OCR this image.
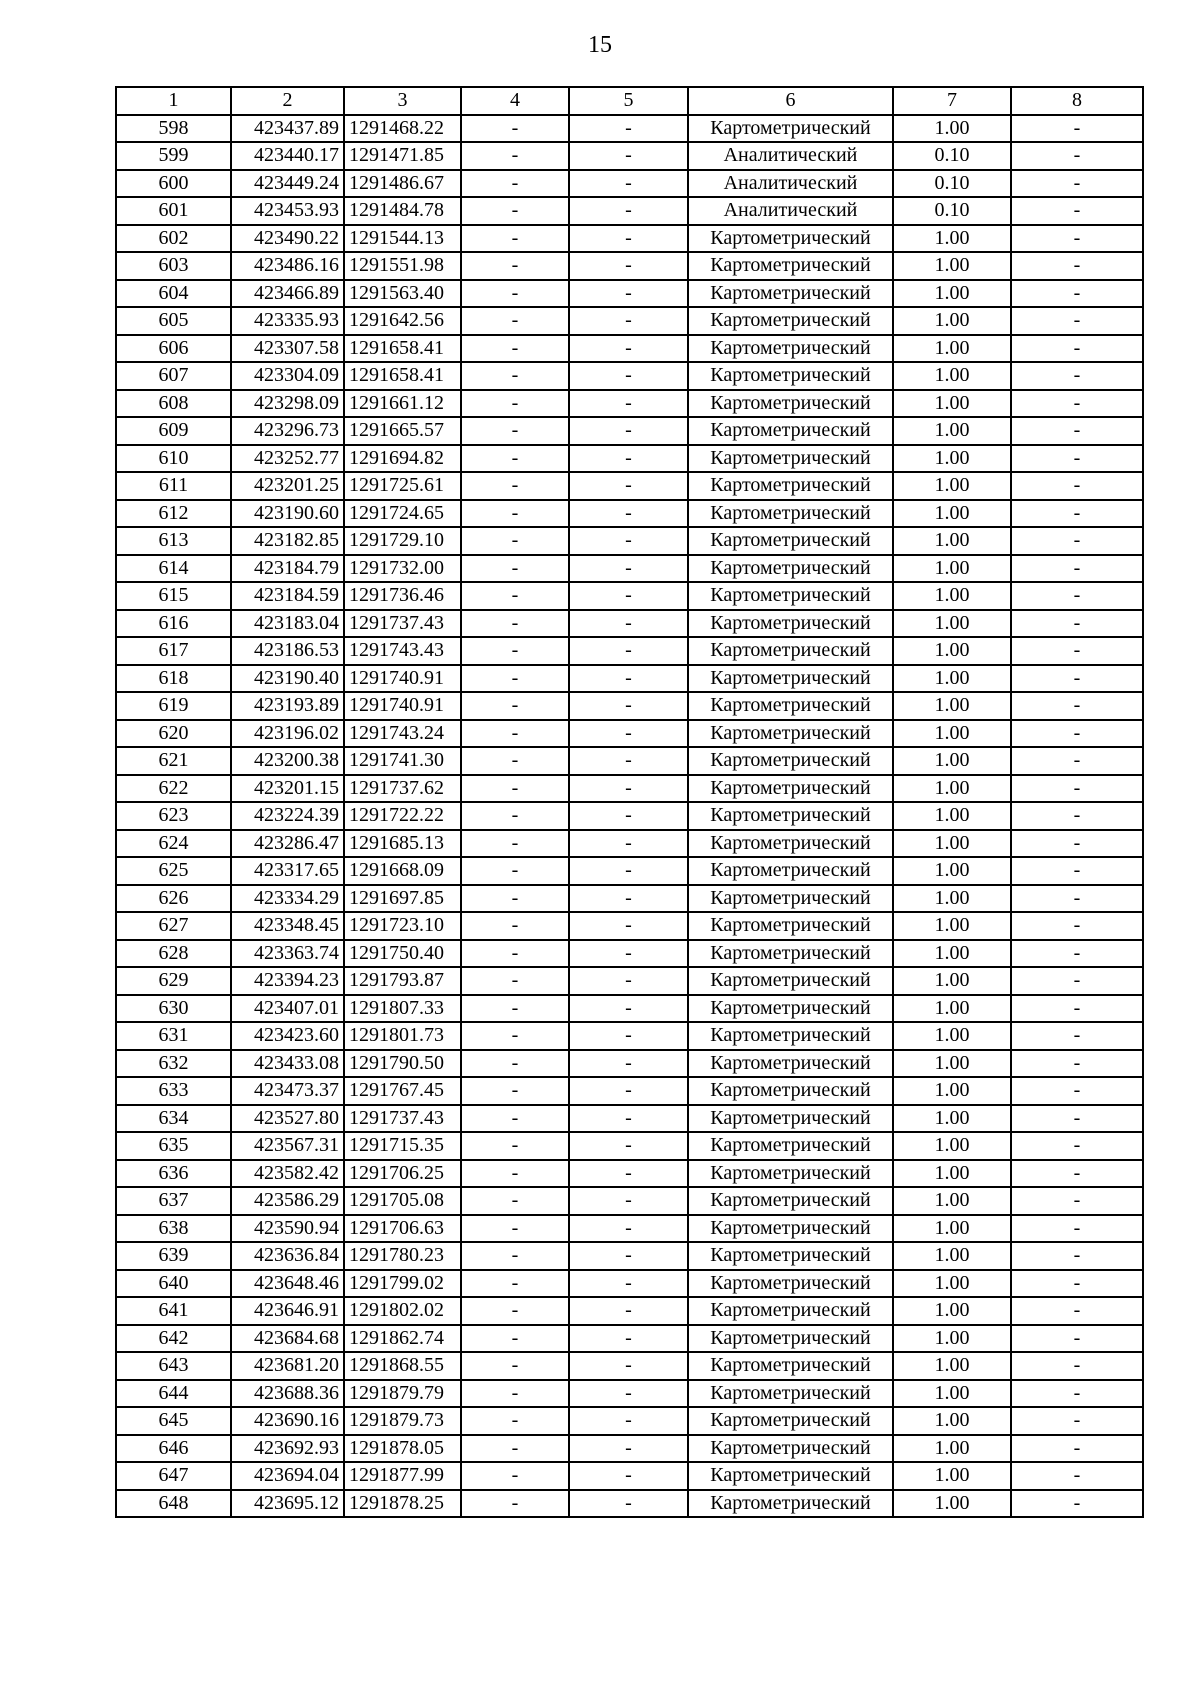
15
1	2	3	4	5	6	7	8
598	423437.89	1291468.22	-	-	Картометрический	1.00	-
599	423440.17	1291471.85	-	-	Аналитический	0.10	-
600	423449.24	1291486.67	-	-	Аналитический	0.10	-
601	423453.93	1291484.78	-	-	Аналитический	0.10	-
602	423490.22	1291544.13	-	-	Картометрический	1.00	-
603	423486.16	1291551.98	-	-	Картометрический	1.00	-
604	423466.89	1291563.40	-	-	Картометрический	1.00	-
605	423335.93	1291642.56	-	-	Картометрический	1.00	-
606	423307.58	1291658.41	-	-	Картометрический	1.00	-
607	423304.09	1291658.41	-	-	Картометрический	1.00	-
608	423298.09	1291661.12	-	-	Картометрический	1.00	-
609	423296.73	1291665.57	-	-	Картометрический	1.00	-
610	423252.77	1291694.82	-	-	Картометрический	1.00	-
611	423201.25	1291725.61	-	-	Картометрический	1.00	-
612	423190.60	1291724.65	-	-	Картометрический	1.00	-
613	423182.85	1291729.10	-	-	Картометрический	1.00	-
614	423184.79	1291732.00	-	-	Картометрический	1.00	-
615	423184.59	1291736.46	-	-	Картометрический	1.00	-
616	423183.04	1291737.43	-	-	Картометрический	1.00	-
617	423186.53	1291743.43	-	-	Картометрический	1.00	-
618	423190.40	1291740.91	-	-	Картометрический	1.00	-
619	423193.89	1291740.91	-	-	Картометрический	1.00	-
620	423196.02	1291743.24	-	-	Картометрический	1.00	-
621	423200.38	1291741.30	-	-	Картометрический	1.00	-
622	423201.15	1291737.62	-	-	Картометрический	1.00	-
623	423224.39	1291722.22	-	-	Картометрический	1.00	-
624	423286.47	1291685.13	-	-	Картометрический	1.00	-
625	423317.65	1291668.09	-	-	Картометрический	1.00	-
626	423334.29	1291697.85	-	-	Картометрический	1.00	-
627	423348.45	1291723.10	-	-	Картометрический	1.00	-
628	423363.74	1291750.40	-	-	Картометрический	1.00	-
629	423394.23	1291793.87	-	-	Картометрический	1.00	-
630	423407.01	1291807.33	-	-	Картометрический	1.00	-
631	423423.60	1291801.73	-	-	Картометрический	1.00	-
632	423433.08	1291790.50	-	-	Картометрический	1.00	-
633	423473.37	1291767.45	-	-	Картометрический	1.00	-
634	423527.80	1291737.43	-	-	Картометрический	1.00	-
635	423567.31	1291715.35	-	-	Картометрический	1.00	-
636	423582.42	1291706.25	-	-	Картометрический	1.00	-
637	423586.29	1291705.08	-	-	Картометрический	1.00	-
638	423590.94	1291706.63	-	-	Картометрический	1.00	-
639	423636.84	1291780.23	-	-	Картометрический	1.00	-
640	423648.46	1291799.02	-	-	Картометрический	1.00	-
641	423646.91	1291802.02	-	-	Картометрический	1.00	-
642	423684.68	1291862.74	-	-	Картометрический	1.00	-
643	423681.20	1291868.55	-	-	Картометрический	1.00	-
644	423688.36	1291879.79	-	-	Картометрический	1.00	-
645	423690.16	1291879.73	-	-	Картометрический	1.00	-
646	423692.93	1291878.05	-	-	Картометрический	1.00	-
647	423694.04	1291877.99	-	-	Картометрический	1.00	-
648	423695.12	1291878.25	-	-	Картометрический	1.00	-
